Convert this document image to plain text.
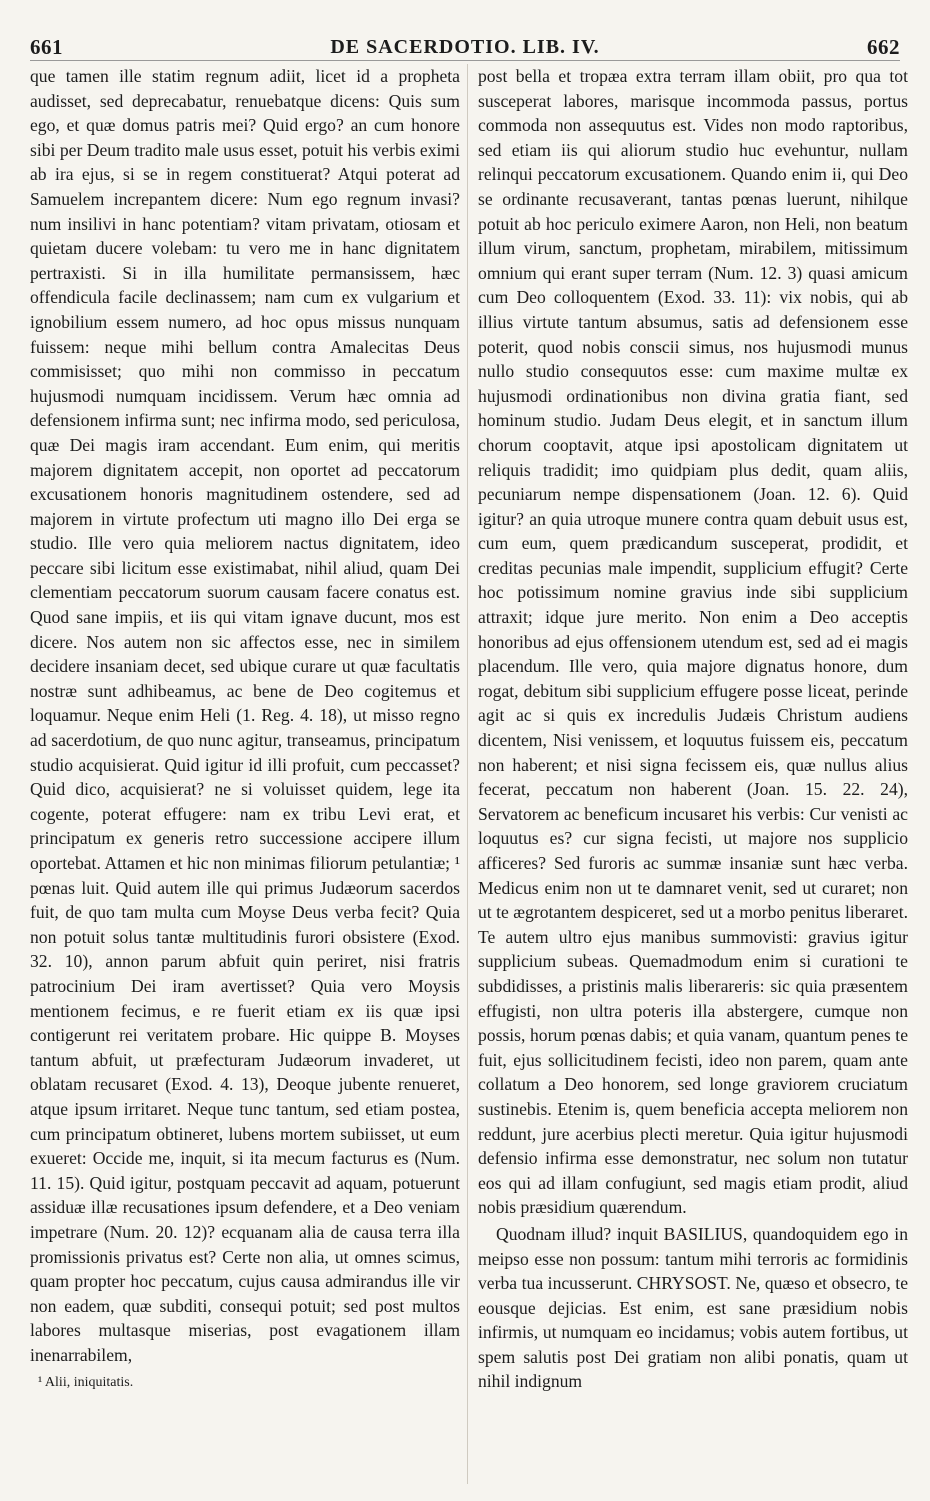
661	DE SACERDOTIO. LIB. IV.	662

que tamen ille statim regnum adiit, licet id a propheta audisset, sed deprecabatur, renuebatque dicens: Quis sum ego, et quæ domus patris mei? Quid ergo? an cum honore sibi per Deum tradito male usus esset, potuit his verbis eximi ab ira ejus, si se in regem constituerat? Atqui poterat ad Samuelem increpantem dicere: Num ego regnum invasi? num insilivi in hanc potentiam? vitam privatam, otiosam et quietam ducere volebam: tu vero me in hanc dignitatem pertraxisti. Si in illa humilitate permansissem, hæc offendicula facile declinassem; nam cum ex vulgarium et ignobilium essem numero, ad hoc opus missus nunquam fuissem: neque mihi bellum contra Amalecitas Deus commisisset; quo mihi non commisso in peccatum hujusmodi numquam incidissem. Verum hæc omnia ad defensionem infirma sunt; nec infirma modo, sed periculosa, quæ Dei magis iram accendant. Eum enim, qui meritis majorem dignitatem accepit, non oportet ad peccatorum excusationem honoris magnitudinem ostendere, sed ad majorem in virtute profectum uti magno illo Dei erga se studio. Ille vero quia meliorem nactus dignitatem, ideo peccare sibi licitum esse existimabat, nihil aliud, quam Dei clementiam peccatorum suorum causam facere conatus est. Quod sane impiis, et iis qui vitam ignave ducunt, mos est dicere. Nos autem non sic affectos esse, nec in similem decidere insaniam decet, sed ubique curare ut quæ facultatis nostræ sunt adhibeamus, ac bene de Deo cogitemus et loquamur. Neque enim Heli (1. Reg. 4. 18), ut misso regno ad sacerdotium, de quo nunc agitur, transeamus, principatum studio acquisierat. Quid igitur id illi profuit, cum peccasset? Quid dico, acquisierat? ne si voluisset quidem, lege ita cogente, poterat effugere: nam ex tribu Levi erat, et principatum ex generis retro successione accipere illum oportebat. Attamen et hic non minimas filiorum petulantiæ; ¹ pœnas luit. Quid autem ille qui primus Judæorum sacerdos fuit, de quo tam multa cum Moyse Deus verba fecit? Quia non potuit solus tantæ multitudinis furori obsistere (Exod. 32. 10), annon parum abfuit quin periret, nisi fratris patrocinium Dei iram avertisset? Quia vero Moysis mentionem fecimus, e re fuerit etiam ex iis quæ ipsi contigerunt rei veritatem probare. Hic quippe B. Moyses tantum abfuit, ut præfecturam Judæorum invaderet, ut oblatam recusaret (Exod. 4. 13), Deoque jubente renueret, atque ipsum irritaret. Neque tunc tantum, sed etiam postea, cum principatum obtineret, lubens mortem subiisset, ut eum exueret: Occide me, inquit, si ita mecum facturus es (Num. 11. 15). Quid igitur, postquam peccavit ad aquam, potuerunt assiduæ illæ recusationes ipsum defendere, et a Deo veniam impetrare (Num. 20. 12)? ecquanam alia de causa terra illa promissionis privatus est? Certe non alia, ut omnes scimus, quam propter hoc peccatum, cujus causa admirandus ille vir non eadem, quæ subditi, consequi potuit; sed post multos labores multasque miserias, post evagationem illam inenarrabilem,

¹ Alii, iniquitatis.

post bella et tropæa extra terram illam obiit, pro qua tot susceperat labores, marisque incommoda passus, portus commoda non assequutus est. Vides non modo raptoribus, sed etiam iis qui aliorum studio huc evehuntur, nullam relinqui peccatorum excusationem. Quando enim ii, qui Deo se ordinante recusaverant, tantas pœnas luerunt, nihilque potuit ab hoc periculo eximere Aaron, non Heli, non beatum illum virum, sanctum, prophetam, mirabilem, mitissimum omnium qui erant super terram (Num. 12. 3) quasi amicum cum Deo colloquentem (Exod. 33. 11): vix nobis, qui ab illius virtute tantum absumus, satis ad defensionem esse poterit, quod nobis conscii simus, nos hujusmodi munus nullo studio consequutos esse: cum maxime multæ ex hujusmodi ordinationibus non divina gratia fiant, sed hominum studio. Judam Deus elegit, et in sanctum illum chorum cooptavit, atque ipsi apostolicam dignitatem ut reliquis tradidit; imo quidpiam plus dedit, quam aliis, pecuniarum nempe dispensationem (Joan. 12. 6). Quid igitur? an quia utroque munere contra quam debuit usus est, cum eum, quem prædicandum susceperat, prodidit, et creditas pecunias male impendit, supplicium effugit? Certe hoc potissimum nomine gravius inde sibi supplicium attraxit; idque jure merito. Non enim a Deo acceptis honoribus ad ejus offensionem utendum est, sed ad ei magis placendum. Ille vero, quia majore dignatus honore, dum rogat, debitum sibi supplicium effugere posse liceat, perinde agit ac si quis ex incredulis Judæis Christum audiens dicentem, Nisi venissem, et loquutus fuissem eis, peccatum non haberent; et nisi signa fecissem eis, quæ nullus alius fecerat, peccatum non haberent (Joan. 15. 22. 24), Servatorem ac beneficum incusaret his verbis: Cur venisti ac loquutus es? cur signa fecisti, ut majore nos supplicio afficeres? Sed furoris ac summæ insaniæ sunt hæc verba. Medicus enim non ut te damnaret venit, sed ut curaret; non ut te ægrotantem despiceret, sed ut a morbo penitus liberaret. Te autem ultro ejus manibus summovisti: gravius igitur supplicium subeas. Quemadmodum enim si curationi te subdidisses, a pristinis malis liberareris: sic quia præsentem effugisti, non ultra poteris illa abstergere, cumque non possis, horum pœnas dabis; et quia vanam, quantum penes te fuit, ejus sollicitudinem fecisti, ideo non parem, quam ante collatum a Deo honorem, sed longe graviorem cruciatum sustinebis. Etenim is, quem beneficia accepta meliorem non reddunt, jure acerbius plecti meretur. Quia igitur hujusmodi defensio infirma esse demonstratur, nec solum non tutatur eos qui ad illam confugiunt, sed magis etiam prodit, aliud nobis præsidium quærendum.

Quodnam illud? inquit BASILIUS, quandoquidem ego in meipso esse non possum: tantum mihi terroris ac formidinis verba tua incusserunt. CHRYSOST. Ne, quæso et obsecro, te eousque dejicias. Est enim, est sane præsidium nobis infirmis, ut numquam eo incidamus; vobis autem fortibus, ut spem salutis post Dei gratiam non alibi ponatis, quam ut nihil indignum
